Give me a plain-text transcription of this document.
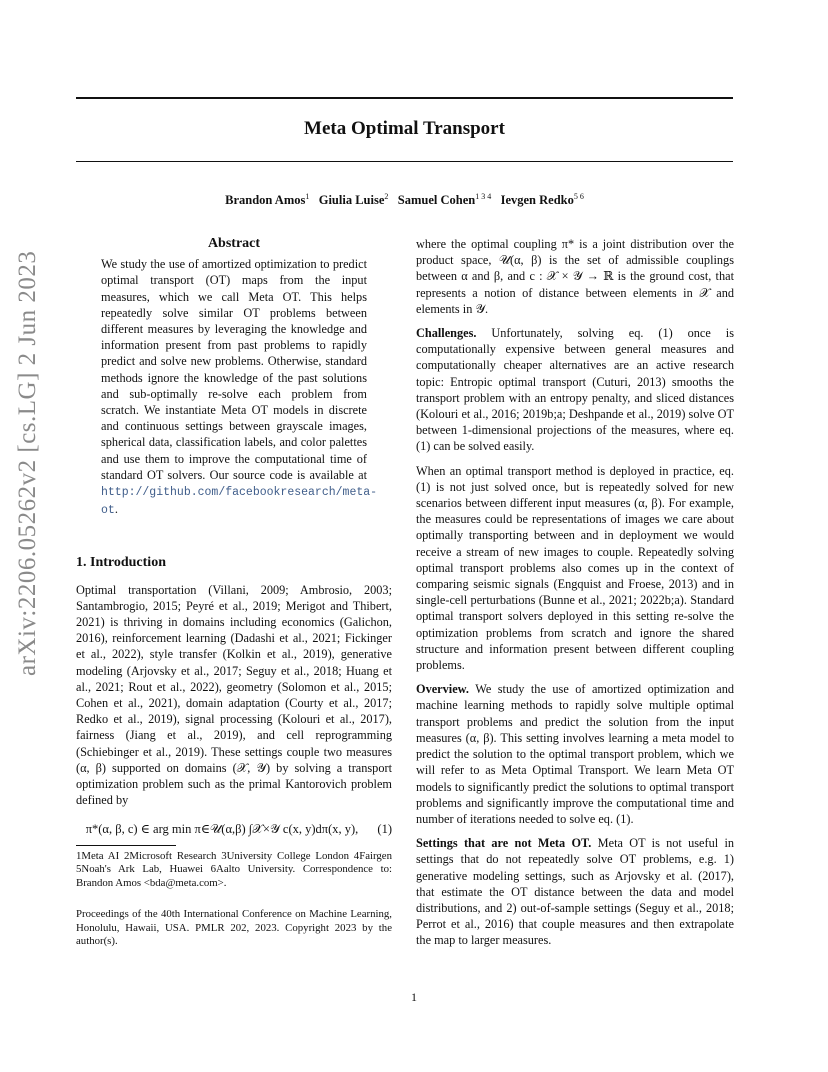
Meta Optimal Transport
Brandon Amos$^1$ Giulia Luise$^2$ Samuel Cohen$^{1 3 4}$ Ievgen Redko$^{5 6}$
arXiv:2206.05262v2 [cs.LG] 2 Jun 2023
Abstract
We study the use of amortized optimization to predict optimal transport (OT) maps from the input measures, which we call Meta OT. This helps repeatedly solve similar OT problems between different measures by leveraging the knowledge and information present from past problems to rapidly predict and solve new problems. Otherwise, standard methods ignore the knowledge of the past solutions and sub-optimally re-solve each problem from scratch. We instantiate Meta OT models in discrete and continuous settings between grayscale images, spherical data, classification labels, and color palettes and use them to improve the computational time of standard OT solvers. Our source code is available at http://github.com/facebookresearch/meta-ot.
1. Introduction

Optimal transportation (Villani, 2009; Ambrosio, 2003; Santambrogio, 2015; Peyré et al., 2019; Merigot and Thibert, 2021) is thriving in domains including economics (Galichon, 2016), reinforcement learning (Dadashi et al., 2021; Fickinger et al., 2022), style transfer (Kolkin et al., 2019), generative modeling (Arjovsky et al., 2017; Seguy et al., 2018; Huang et al., 2021; Rout et al., 2022), geometry (Solomon et al., 2015; Cohen et al., 2021), domain adaptation (Courty et al., 2017; Redko et al., 2019), signal processing (Kolouri et al., 2017), fairness (Jiang et al., 2019), and cell reprogramming (Schiebinger et al., 2019). These settings couple two measures (α, β) supported on domains (𝒳, 𝒴) by solving a transport optimization problem such as the primal Kantorovich problem defined by

π*(α, β, c) ∈ arg min π∈𝒰(α,β) ∫𝒳×𝒴 c(x, y)dπ(x, y),	(1)
1Meta AI 2Microsoft Research 3University College London 4Fairgen 5Noah's Ark Lab, Huawei 6Aalto University. Correspondence to: Brandon Amos <bda@meta.com>.
Proceedings of the 40th International Conference on Machine Learning, Honolulu, Hawaii, USA. PMLR 202, 2023. Copyright 2023 by the author(s).

where the optimal coupling π* is a joint distribution over the product space, 𝒰(α, β) is the set of admissible couplings between α and β, and c : 𝒳 × 𝒴 → ℝ is the ground cost, that represents a notion of distance between elements in 𝒳 and elements in 𝒴.

Challenges. Unfortunately, solving eq. (1) once is computationally expensive between general measures and computationally cheaper alternatives are an active research topic: Entropic optimal transport (Cuturi, 2013) smooths the transport problem with an entropy penalty, and sliced distances (Kolouri et al., 2016; 2019b;a; Deshpande et al., 2019) solve OT between 1-dimensional projections of the measures, where eq. (1) can be solved easily.

When an optimal transport method is deployed in practice, eq. (1) is not just solved once, but is repeatedly solved for new scenarios between different input measures (α, β). For example, the measures could be representations of images we care about optimally transporting between and in deployment we would receive a stream of new images to couple. Repeatedly solving optimal transport problems also comes up in the context of comparing seismic signals (Engquist and Froese, 2013) and in single-cell perturbations (Bunne et al., 2021; 2022b;a). Standard optimal transport solvers deployed in this setting re-solve the optimization problems from scratch and ignore the shared structure and information present between different coupling problems.

Overview. We study the use of amortized optimization and machine learning methods to rapidly solve multiple optimal transport problems and predict the solution from the input measures (α, β). This setting involves learning a meta model to predict the solution to the optimal transport problem, which we will refer to as Meta Optimal Transport. We learn Meta OT models to significantly predict the solutions to optimal transport problems and significantly improve the computational time and number of iterations needed to solve eq. (1).

Settings that are not Meta OT. Meta OT is not useful in settings that do not repeatedly solve OT problems, e.g. 1) generative modeling settings, such as Arjovsky et al. (2017), that estimate the OT distance between the data and model distributions, and 2) out-of-sample settings (Seguy et al., 2018; Perrot et al., 2016) that couple measures and then extrapolate the map to larger measures.

1
